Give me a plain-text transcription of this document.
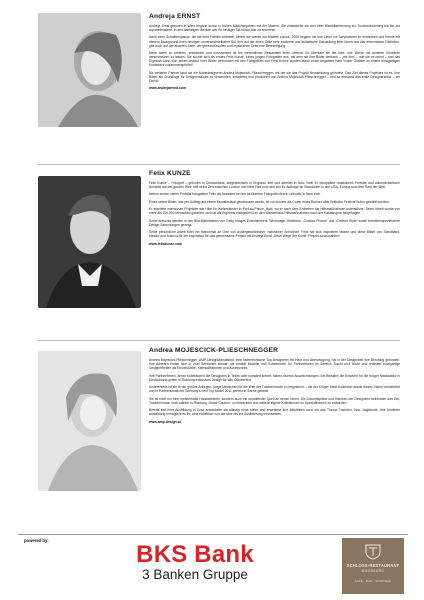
Andreja ERNST

Andreja Ernst geboren in Wien begann schon in frühen Mädchenjahren mit der Malerei. Sie entwickelte sie sich über Bleistiftzeichnung zur Tuschezeichnung bis hin zur Aquarellmalerei. In den damaligen Werken war ihr heutiger Stil schon klar zu erkennen.

Nach einer Schaffenspause, die sie ihrer Familie widmete, kehrte sie wieder zur Malerei zurück. 2008 begann sie ihre Liebe zur Acrylmalerei zu entdecken und formte mit diesem Background ihren heutigen unverwechselbaren Stil. Ihre auf der einen Seite sehr moderne und ästhetische Darstellung ihrer Ideen und klar erkennbarer Definition, gibt auch auf der anderen Seite, der geheimnisvollen und mystischen Seite ihre Berechtigung.

Neue Ideen zu kreieren, entwickeln und umzusetzen ist ein wesentlicher Bestandteil ihres Lebens! So überkam sie die Idee, ihre Werke mit anderen Künstlern verschmelzen zu lassen. Sie suchte sich als erstes Felix Kunze, einen jungen Fotografen aus, mit dem sie ihre Bilder verband – „mit Ihm“ – wie sie es nennt – und das Ergebnis kann sich sehen lassen! Ihrer Bilder verbunden mit den Fotografien von Felix Kunze wurden durch einen begabten New Yorker Grafiker zu einem einzigartigen Kunstwerk zusammengeführt!

Als weiteren Partner fand sie die Modedesignerin Andrea Mojesciok- Plieschnegger, mit der sie das Projekt Newartdiving gründete. Das Ziel dieses Projektes ist es, ihre Bilder als Grundlage für Designerstücke zu verwenden, entwerfen und produziert von Andrea Mojesciok-Plieschnegger – und so entstand das erste Designerstück – ein Dirndl!

www.andrejaernst.com
Felix KUNZE

Felix Kunze – Fotograf – geboren in Deutschland, aufgewachsen in England, lebt und arbeitet in New York! Er fotografiert redaktionell Porträts und dokumentarische Berichte auf der ganzen Welt, teilt seine Zeit zwischen London und New York und reist viel für Aufträge an Standorten in den USA, Europa und dem Rest der Welt.

Neben seinen vielen Porträts fotografiert Felix als Assistent bei der berühmten Fotografin Annie Leibovitz in New York.

Eines seiner Bilder, das per Auftrag auf einem Musikfestival geschossen wurde, ist vor kurzem als Cover eines Buches über Britische Festival Kultur gewählt worden.

Er arbeitete intensiv an Projekten wie Hilfe für Weisenkinder in Port-au-Prince, Haiti, wo er nach dem Erdbeben die Hilfsmaßnahmen unterstützte. Seine Arbeit wurde von mehr als 150.000 Menschen gesehen und hat als Ergebnis maßgebend zu den Waisenhaus-Hilfsmaßnahmen nach der Katastrophe beigetragen.

Seine Artworks werden in den Bild-Bibliotheken von Getty Images Entertainment, Wireimage, Redferns, „Contour Photos“ und „Contour Style“ sowie branchenspezifischen Design-Sammlungen gezeigt.

Seine persönliche Arbeit führt ihn manchmal an Orte von außergewöhnlicher, natürlicher Schönheit. Felix hat sich inspirieren lassen und diese Bilder von Schottland, Mexiko und Arizona für die Inspiration für das gemeinsame Projekt mit Andreja Ernst „Neue Wege der Kunst“ Projekt auszuwählen!

www.felixkunze.com
Andrea MOJESCICK-PLIESCHNEGGER

Andrea Mojescick-Plieschnegger, AMP-DesignManufaktur, eine österreichische Top-Designerin mit Herz und Überzeugung, hat in der Designwelt ihre Berufung gefunden. Ihre Arbeiten finden sich in zwei Bereichen wieder: sie erstellt Modelle und Kollektionen für Partnerfirmen im Bereich Tracht und Mode und realisiert einzigartige Designerbeiten als Einzelstücke, Kleinkollektionen und Accessoires.

Ihre Partnerfirmen, deren Kollektionen die Designerin in Teilen oder komplett kreiert, haben diverse Auszeichnungen. Ein Beispiel: die Entwürfe für die Krüger Manufaktur in Deutschland gelten in Richtung exklusives Design für das Oktoberfest.

Andererseits ist sie in der großes Anliegen, junge Menschen für die Welt der Trachtenmode zu begeistern – mit der Krüger Madl-Kollektion wurde dieses Vision verwirklicht und in Partnerschaft mit Germany's next Top Model 2011 perfekt in Szene gesetzt.

Sie ist nicht nur eine meisterhafte Handwerkerin, sondern auch ein sprudelnder Quell an neuen Ideen. Die Zukunftspläne und Visionen der Designerin beinhalten das Ziel, Trachtenmode noch stärker in Richtung „Haute Couture“ zu entwickeln und weitere eigene Kollektionen zu Spezialthemen zu entwerfen.

Bereits seit ihrer Ausbildung in Graz entwickelte sie ständig neue Ideen und erweiterte ihre Aktivitäten rund um das Thema Trachten- bzw. Jagdmode. Ihre fundierte Ausbildung ermöglicht es ihr, eine Kollektion von der Idee bis zur Auslieferung umzusetzen.

www.amp-design.at
powered by:
BKS Bank
3 Banken Gruppe
SCHLOSS-RESTAURANT
MOOSBURG
CAFÉ · BAR · VINOTHEK
